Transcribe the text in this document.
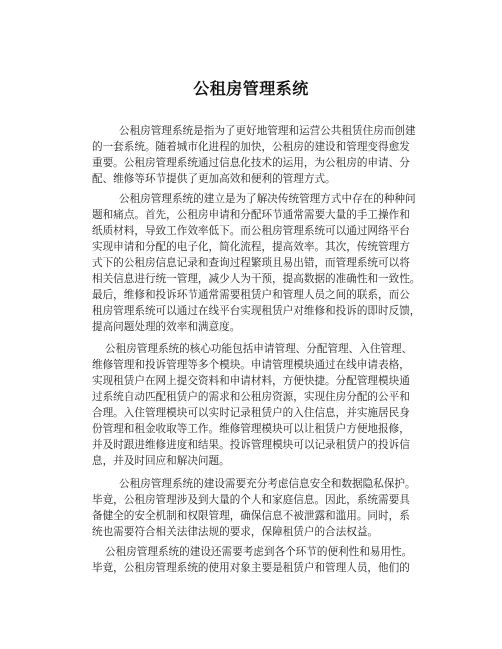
公租房管理系统
公租房管理系统是指为了更好地管理和运营公共租赁住房而创建
的一套系统。随着城市化进程的加快，公租房的建设和管理变得愈发
重要。公租房管理系统通过信息化技术的运用，为公租房的申请、分
配、维修等环节提供了更加高效和便利的管理方式。
公租房管理系统的建立是为了解决传统管理方式中存在的种种问
题和痛点。首先，公租房申请和分配环节通常需要大量的手工操作和
纸质材料，导致工作效率低下。而公租房管理系统可以通过网络平台
实现申请和分配的电子化，简化流程，提高效率。其次，传统管理方
式下的公租房信息记录和查询过程繁琐且易出错，而管理系统可以将
相关信息进行统一管理，减少人为干预，提高数据的准确性和一致性。
最后，维修和投诉环节通常需要租赁户和管理人员之间的联系，而公
租房管理系统可以通过在线平台实现租赁户对维修和投诉的即时反馈，
提高问题处理的效率和满意度。
公租房管理系统的核心功能包括申请管理、分配管理、入住管理、
维修管理和投诉管理等多个模块。申请管理模块通过在线申请表格，
实现租赁户在网上提交资料和申请材料，方便快捷。分配管理模块通
过系统自动匹配租赁户的需求和公租房资源，实现住房分配的公平和
合理。入住管理模块可以实时记录租赁户的入住信息，并实施居民身
份管理和租金收取等工作。维修管理模块可以让租赁户方便地报修，
并及时跟进维修进度和结果。投诉管理模块可以记录租赁户的投诉信
息，并及时回应和解决问题。
公租房管理系统的建设需要充分考虑信息安全和数据隐私保护。
毕竟，公租房管理涉及到大量的个人和家庭信息。因此，系统需要具
备健全的安全机制和权限管理，确保信息不被泄露和滥用。同时，系
统也需要符合相关法律法规的要求，保障租赁户的合法权益。
公租房管理系统的建设还需要考虑到各个环节的便利性和易用性。
毕竟，公租房管理系统的使用对象主要是租赁户和管理人员，他们的
